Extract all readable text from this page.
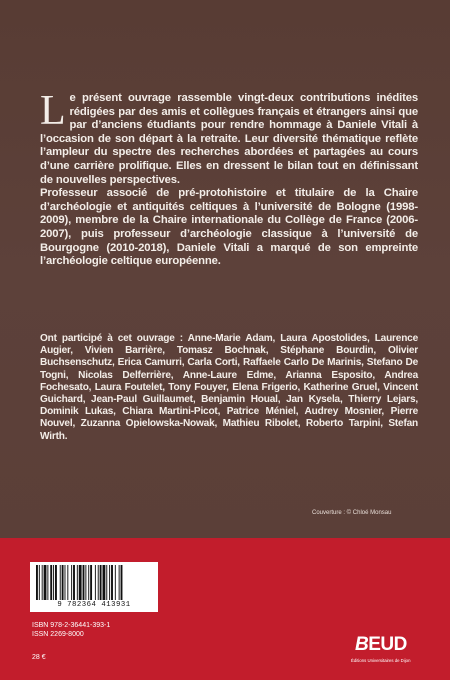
Le présent ouvrage rassemble vingt-deux contributions inédites rédigées par des amis et collègues français et étrangers ainsi que par d’anciens étudiants pour rendre hommage à Daniele Vitali à l’occasion de son départ à la retraite. Leur diversité thématique reflète l’ampleur du spectre des recherches abordées et partagées au cours d’une carrière prolifique. Elles en dressent le bilan tout en définissant de nouvelles perspectives.

Professeur associé de pré-protohistoire et titulaire de la Chaire d’archéologie et antiquités celtiques à l’université de Bologne (1998-2009), membre de la Chaire internationale du Collège de France (2006-2007), puis professeur d’archéologie classique à l’université de Bourgogne (2010-2018), Daniele Vitali a marqué de son empreinte l’archéologie celtique européenne.

Ont participé à cet ouvrage : Anne-Marie Adam, Laura Apostolides, Laurence Augier, Vivien Barrière, Tomasz Bochnak, Stéphane Bourdin, Olivier Buchsenschutz, Erica Camurri, Carla Corti, Raffaele Carlo De Marinis, Stefano De Togni, Nicolas Delferrière, Anne-Laure Edme, Arianna Esposito, Andrea Fochesato, Laura Foutelet, Tony Fouyer, Elena Frigerio, Katherine Gruel, Vincent Guichard, Jean-Paul Guillaumet, Benjamin Houal, Jan Kysela, Thierry Lejars, Dominik Lukas, Chiara Martini-Picot, Patrice Méniel, Audrey Mosnier, Pierre Nouvel, Zuzanna Opielowska-Nowak, Mathieu Ribolet, Roberto Tarpini, Stefan Wirth.
Couverture : © Chloé Monsau
9 782364 413931
ISBN 978-2-36441-393-1
ISSN 2269-8000
28 €
BEUD
Éditions Universitaires de Dijon
